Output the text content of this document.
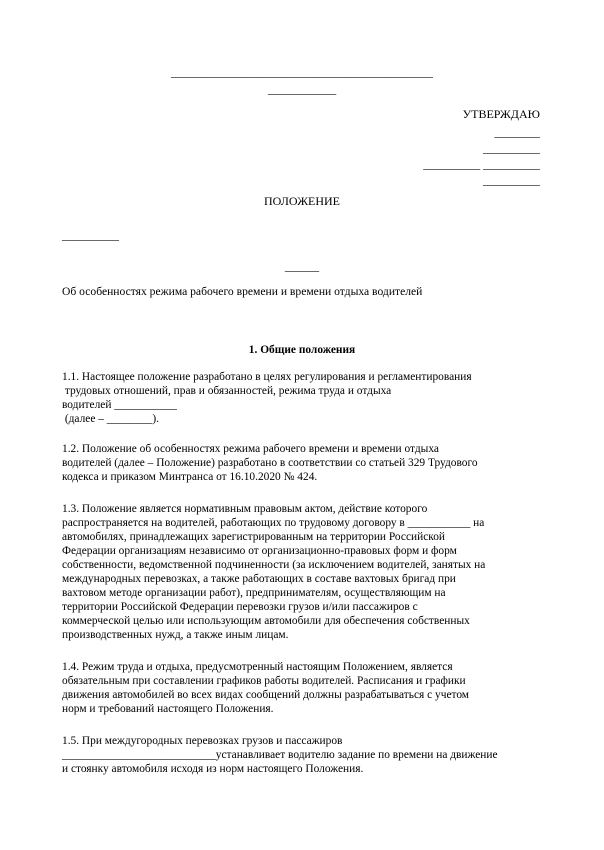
______________________________________________
____________
УТВЕРЖДАЮ
________
__________
__________ __________
__________
ПОЛОЖЕНИЕ
__________
______
Об особенностях режима рабочего времени и времени отдыха водителей
1. Общие положения
1.1. Настоящее положение разработано в целях регулирования и регламентирования
трудовых отношений, прав и обязанностей, режима труда и отдыха
водителей ___________
(далее – ________).
1.2. Положение об особенностях режима рабочего времени и времени отдыха
водителей (далее – Положение) разработано в соответствии со статьей 329 Трудового
кодекса и приказом Минтранса от 16.10.2020 № 424.
1.3. Положение является нормативным правовым актом, действие которого
распространяется на водителей, работающих по трудовому договору в ___________ на
автомобилях, принадлежащих зарегистрированным на территории Российской
Федерации организациям независимо от организационно-правовых форм и форм
собственности, ведомственной подчиненности (за исключением водителей, занятых на
международных перевозках, а также работающих в составе вахтовых бригад при
вахтовом методе организации работ), предпринимателям, осуществляющим на
территории Российской Федерации перевозки грузов и/или пассажиров с
коммерческой целью или использующим автомобили для обеспечения собственных
производственных нужд, а также иным лицам.
1.4. Режим труда и отдыха, предусмотренный настоящим Положением, является
обязательным при составлении графиков работы водителей. Расписания и графики
движения автомобилей во всех видах сообщений должны разрабатываться с учетом
норм и требований настоящего Положения.
1.5. При междугородных перевозках грузов и пассажиров
___________________________устанавливает водителю задание по времени на движение
и стоянку автомобиля исходя из норм настоящего Положения.
